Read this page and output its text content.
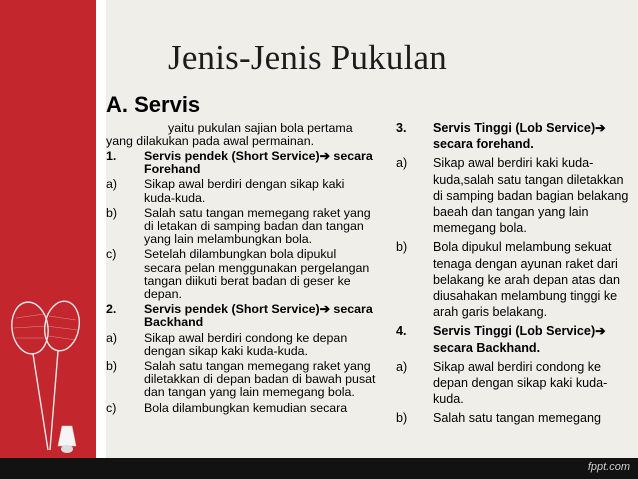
Jenis-Jenis Pukulan
A. Servis
yaitu pukulan sajian bola pertama yang dilakukan pada awal permainan.
1.	Servis pendek (Short Service)➔ secara Forehand
a)	Sikap awal berdiri dengan sikap kaki kuda-kuda.
b)	Salah satu tangan memegang raket yang di letakan di samping badan dan tangan yang lain melambungkan bola.
c)	Setelah dilambungkan bola dipukul secara pelan menggunakan pergelangan tangan diikuti berat badan di geser ke depan.
2.	Servis pendek (Short Service)➔ secara Backhand
a)	Sikap awal berdiri condong ke depan dengan sikap kaki kuda-kuda.
b)	Salah satu tangan memegang raket yang diletakkan di depan badan di bawah pusat dan tangan yang lain memegang bola.
c)	Bola dilambungkan kemudian secara
3.	Servis Tinggi (Lob Service)➔ secara forehand.
a)	Sikap awal berdiri kaki kuda-kuda,salah satu tangan diletakkan di samping badan bagian belakang baeah dan tangan yang lain memegang bola.
b)	Bola dipukul melambung sekuat tenaga dengan ayunan raket dari belakang ke arah depan atas dan diusahakan melambung tinggi ke arah garis belakang.
4.	Servis Tinggi (Lob Service)➔ secara Backhand.
a)	Sikap awal berdiri condong ke depan dengan sikap kaki kuda-kuda.
b)	Salah satu tangan memegang
fppt.com
